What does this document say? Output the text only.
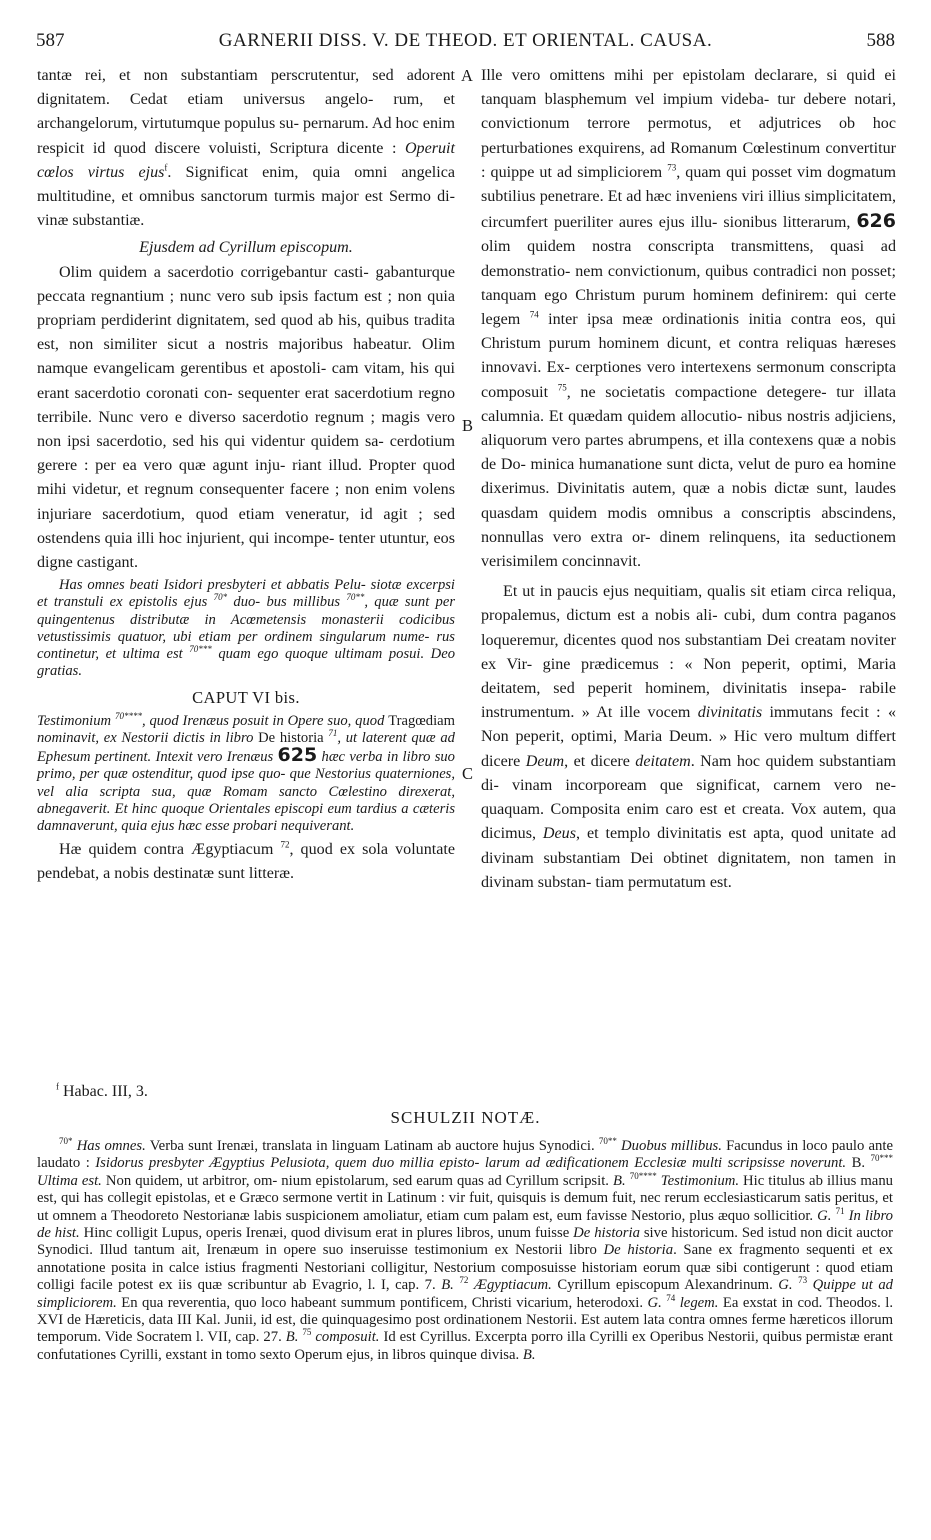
587	GARNERII DISS. V. DE THEOD. ET ORIENTAL. CAUSA.	588
A
B
C

tantæ rei, et non substantiam perscrutentur, sed adorent dignitatem. Cedat etiam universus angelo- rum, et archangelorum, virtutumque populus su- pernarum. Ad hoc enim respicit id quod discere voluisti, Scriptura dicente : Operuit cœlos virtus ejus$^f$. Significat enim, quia omni angelica multitudine, et omnibus sanctorum turmis major est Sermo di- vinæ substantiæ.

Ejusdem ad Cyrillum episcopum.

Olim quidem a sacerdotio corrigebantur casti- gabanturque peccata regnantium ; nunc vero sub ipsis factum est ; non quia propriam perdiderint dignitatem, sed quod ab his, quibus tradita est, non similiter sicut a nostris majoribus habeatur. Olim namque evangelicam gerentibus et apostoli- cam vitam, his qui erant sacerdotio coronati con- sequenter erat sacerdotium regno terribile. Nunc vero e diverso sacerdotio regnum ; magis vero non ipsi sacerdotio, sed his qui videntur quidem sa- cerdotium gerere : per ea vero quæ agunt inju- riant illud. Propter quod mihi videtur, et regnum consequenter facere ; non enim volens injuriare sacerdotium, quod etiam veneratur, id agit ; sed ostendens quia illi hoc injurient, qui incompe- tenter utuntur, eos digne castigant.

Has omnes beati Isidori presbyteri et abbatis Pelu- siotæ excerpsi et transtuli ex epistolis ejus $^{70*}$ duo- bus millibus $^{70**}$, quæ sunt per quingentenus distributæ in Acœmetensis monasterii codicibus vetustissimis quatuor, ubi etiam per ordinem singularum nume- rus continetur, et ultima est $^{70***}$ quam ego quoque ultimam posui. Deo gratias.

CAPUT VI bis.

Testimonium $^{70****}$, quod Irenæus posuit in Opere suo, quod Tragœdiam nominavit, ex Nestorii dictis in libro De historia $^{71}$, ut laterent quæ ad Ephesum pertinent. Intexit vero Irenæus 625 hæc verba in libro suo primo, per quæ ostenditur, quod ipse quo- que Nestorius quaterniones, vel alia scripta sua, quæ Romam sancto Cœlestino direxerat, abnegaverit. Et hinc quoque Orientales episcopi eum tardius a cæteris damnaverunt, quia ejus hæc esse probari nequiverant.

Hæ quidem contra Ægyptiacum $^{72}$, quod ex sola voluntate pendebat, a nobis destinatæ sunt litteræ.

Ille vero omittens mihi per epistolam declarare, si quid ei tanquam blasphemum vel impium videba- tur debere notari, convictionum terrore permotus, et adjutrices ob hoc perturbationes exquirens, ad Romanum Cœlestinum convertitur : quippe ut ad simpliciorem $^{73}$, quam qui posset vim dogmatum subtilius penetrare. Et ad hæc inveniens viri illius simplicitatem, circumfert pueriliter aures ejus illu- sionibus litterarum, 626 olim quidem nostra conscripta transmittens, quasi ad demonstratio- nem convictionum, quibus contradici non posset; tanquam ego Christum purum hominem definirem: qui certe legem $^{74}$ inter ipsa meæ ordinationis initia contra eos, qui Christum purum hominem dicunt, et contra reliquas hæreses innovavi. Ex- cerptiones vero intertexens sermonum conscripta composuit $^{75}$, ne societatis compactione detegere- tur illata calumnia. Et quædam quidem allocutio- nibus nostris adjiciens, aliquorum vero partes abrumpens, et illa contexens quæ a nobis de Do- minica humanatione sunt dicta, velut de puro ea homine dixerimus. Divinitatis autem, quæ a nobis dictæ sunt, laudes quasdam quidem modis omnibus a conscriptis abscindens, nonnullas vero extra or- dinem relinquens, ita seductionem verisimilem concinnavit.

Et ut in paucis ejus nequitiam, qualis sit etiam circa reliqua, propalemus, dictum est a nobis ali- cubi, dum contra paganos loqueremur, dicentes quod nos substantiam Dei creatam noviter ex Vir- gine prædicemus : « Non peperit, optimi, Maria deitatem, sed peperit hominem, divinitatis insepa- rabile instrumentum. » At ille vocem divinitatis immutans fecit : « Non peperit, optimi, Maria Deum. » Hic vero multum differt dicere Deum, et dicere deitatem. Nam hoc quidem substantiam di- vinam incorpoream que significat, carnem vero ne- quaquam. Composita enim caro est et creata. Vox autem, qua dicimus, Deus, et templo divinitatis est apta, quod unitate ad divinam substantiam Dei obtinet dignitatem, non tamen in divinam substan- tiam permutatum est.

$^f$ Habac. III, 3.
SCHULZII NOTÆ.

$^{70*}$ Has omnes. Verba sunt Irenæi, translata in linguam Latinam ab auctore hujus Synodici. $^{70**}$ Duobus millibus. Facundus in loco paulo ante laudato : Isidorus presbyter Ægyptius Pelusiota, quem duo millia episto- larum ad ædificationem Ecclesiæ multi scripsisse noverunt. B. $^{70***}$ Ultima est. Non quidem, ut arbitror, om- nium epistolarum, sed earum quas ad Cyrillum scripsit. B. $^{70****}$ Testimonium. Hic titulus ab illius manu est, qui has collegit epistolas, et e Græco sermone vertit in Latinum : vir fuit, quisquis is demum fuit, nec rerum ecclesiasticarum satis peritus, et ut omnem a Theodoreto Nestorianæ labis suspicionem amoliatur, etiam cum palam est, eum favisse Nestorio, plus æquo sollicitior. G. $^{71}$ In libro de hist. Hinc colligit Lupus, operis Irenæi, quod divisum erat in plures libros, unum fuisse De historia sive historicum. Sed istud non dicit auctor Synodici. Illud tantum ait, Irenæum in opere suo inseruisse testimonium ex Nestorii libro De historia. Sane ex fragmento sequenti et ex annotatione posita in calce istius fragmenti Nestoriani colligitur, Nestorium composuisse historiam eorum quæ sibi contigerunt : quod etiam colligi facile potest ex iis quæ scribuntur ab Evagrio, l. I, cap. 7. B. $^{72}$ Ægyptiacum. Cyrillum episcopum Alexandrinum. G. $^{73}$ Quippe ut ad simpliciorem. En qua reverentia, quo loco habeant summum pontificem, Christi vicarium, heterodoxi. G. $^{74}$ legem. Ea exstat in cod. Theodos. l. XVI de Hæreticis, data III Kal. Junii, id est, die quinquagesimo post ordinationem Nestorii. Est autem lata contra omnes ferme hæreticos illorum temporum. Vide Socratem l. VII, cap. 27. B. $^{75}$ composuit. Id est Cyrillus. Excerpta porro illa Cyrilli ex Operibus Nestorii, quibus permistæ erant confutationes Cyrilli, exstant in tomo sexto Operum ejus, in libros quinque divisa. B.
